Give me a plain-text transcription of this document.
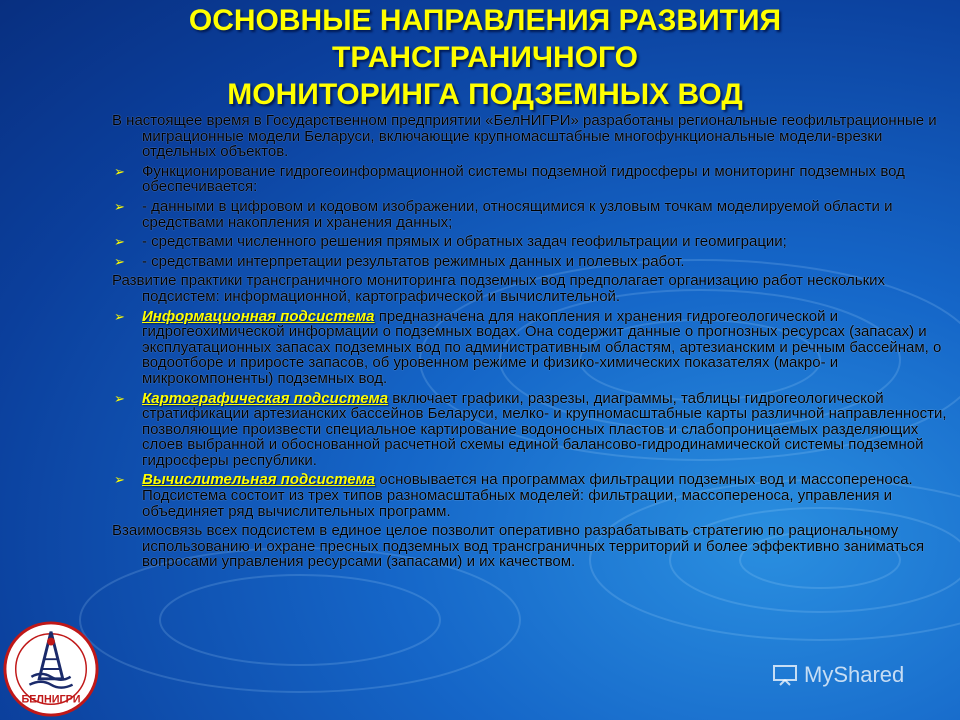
ОСНОВНЫЕ НАПРАВЛЕНИЯ РАЗВИТИЯ
ТРАНСГРАНИЧНОГО
МОНИТОРИНГА ПОДЗЕМНЫХ ВОД

В настоящее время в Государственном предприятии «БелНИГРИ» разработаны региональные геофильтрационные и миграционные модели Беларуси, включающие крупномасштабные многофункциональные модели-врезки отдельных объектов.

➢	Функционирование гидрогеоинформационной системы подземной гидросферы и мониторинг подземных вод обеспечивается:
➢	- данными в цифровом и кодовом изображении, относящимися к узловым точкам моделируемой области и средствами накопления и хранения данных;
➢	- средствами численного решения прямых и обратных задач геофильтрации и геомиграции;
➢	- средствами интерпретации результатов режимных данных и полевых работ.

Развитие практики трансграничного мониторинга подземных вод предполагает организацию работ нескольких подсистем: информационной, картографической и вычислительной.

➢	Информационная подсистема предназначена для накопления и хранения гидрогеологической и гидрогеохимической информации о подземных водах. Она содержит данные о прогнозных ресурсах (запасах) и эксплуатационных запасах подземных вод по административным областям, артезианским и речным бассейнам, о водоотборе и приросте запасов, об уровенном режиме и физико-химических показателях (макро- и микрокомпоненты) подземных вод.
➢	Картографическая подсистема включает графики, разрезы, диаграммы, таблицы гидрогеологической стратификации артезианских бассейнов Беларуси, мелко- и крупномасштабные карты различной направленности, позволяющие произвести специальное картирование водоносных пластов и слабопроницаемых разделяющих слоев выбранной и обоснованной расчетной схемы единой балансово-гидродинамической системы подземной гидросферы республики.
➢	Вычислительная подсистема основывается на программах фильтрации подземных вод и массопереноса. Подсистема состоит из трех типов разномасштабных моделей: фильтрации, массопереноса, управления и объединяет ряд вычислительных программ.

Взаимосвязь всех подсистем в единое целое позволит оперативно разрабатывать стратегию по рациональному использованию и охране пресных подземных вод трансграничных территорий и более эффективно заниматься вопросами управления ресурсами (запасами) и их качеством.

БЕЛНИГРИ
MyShared
